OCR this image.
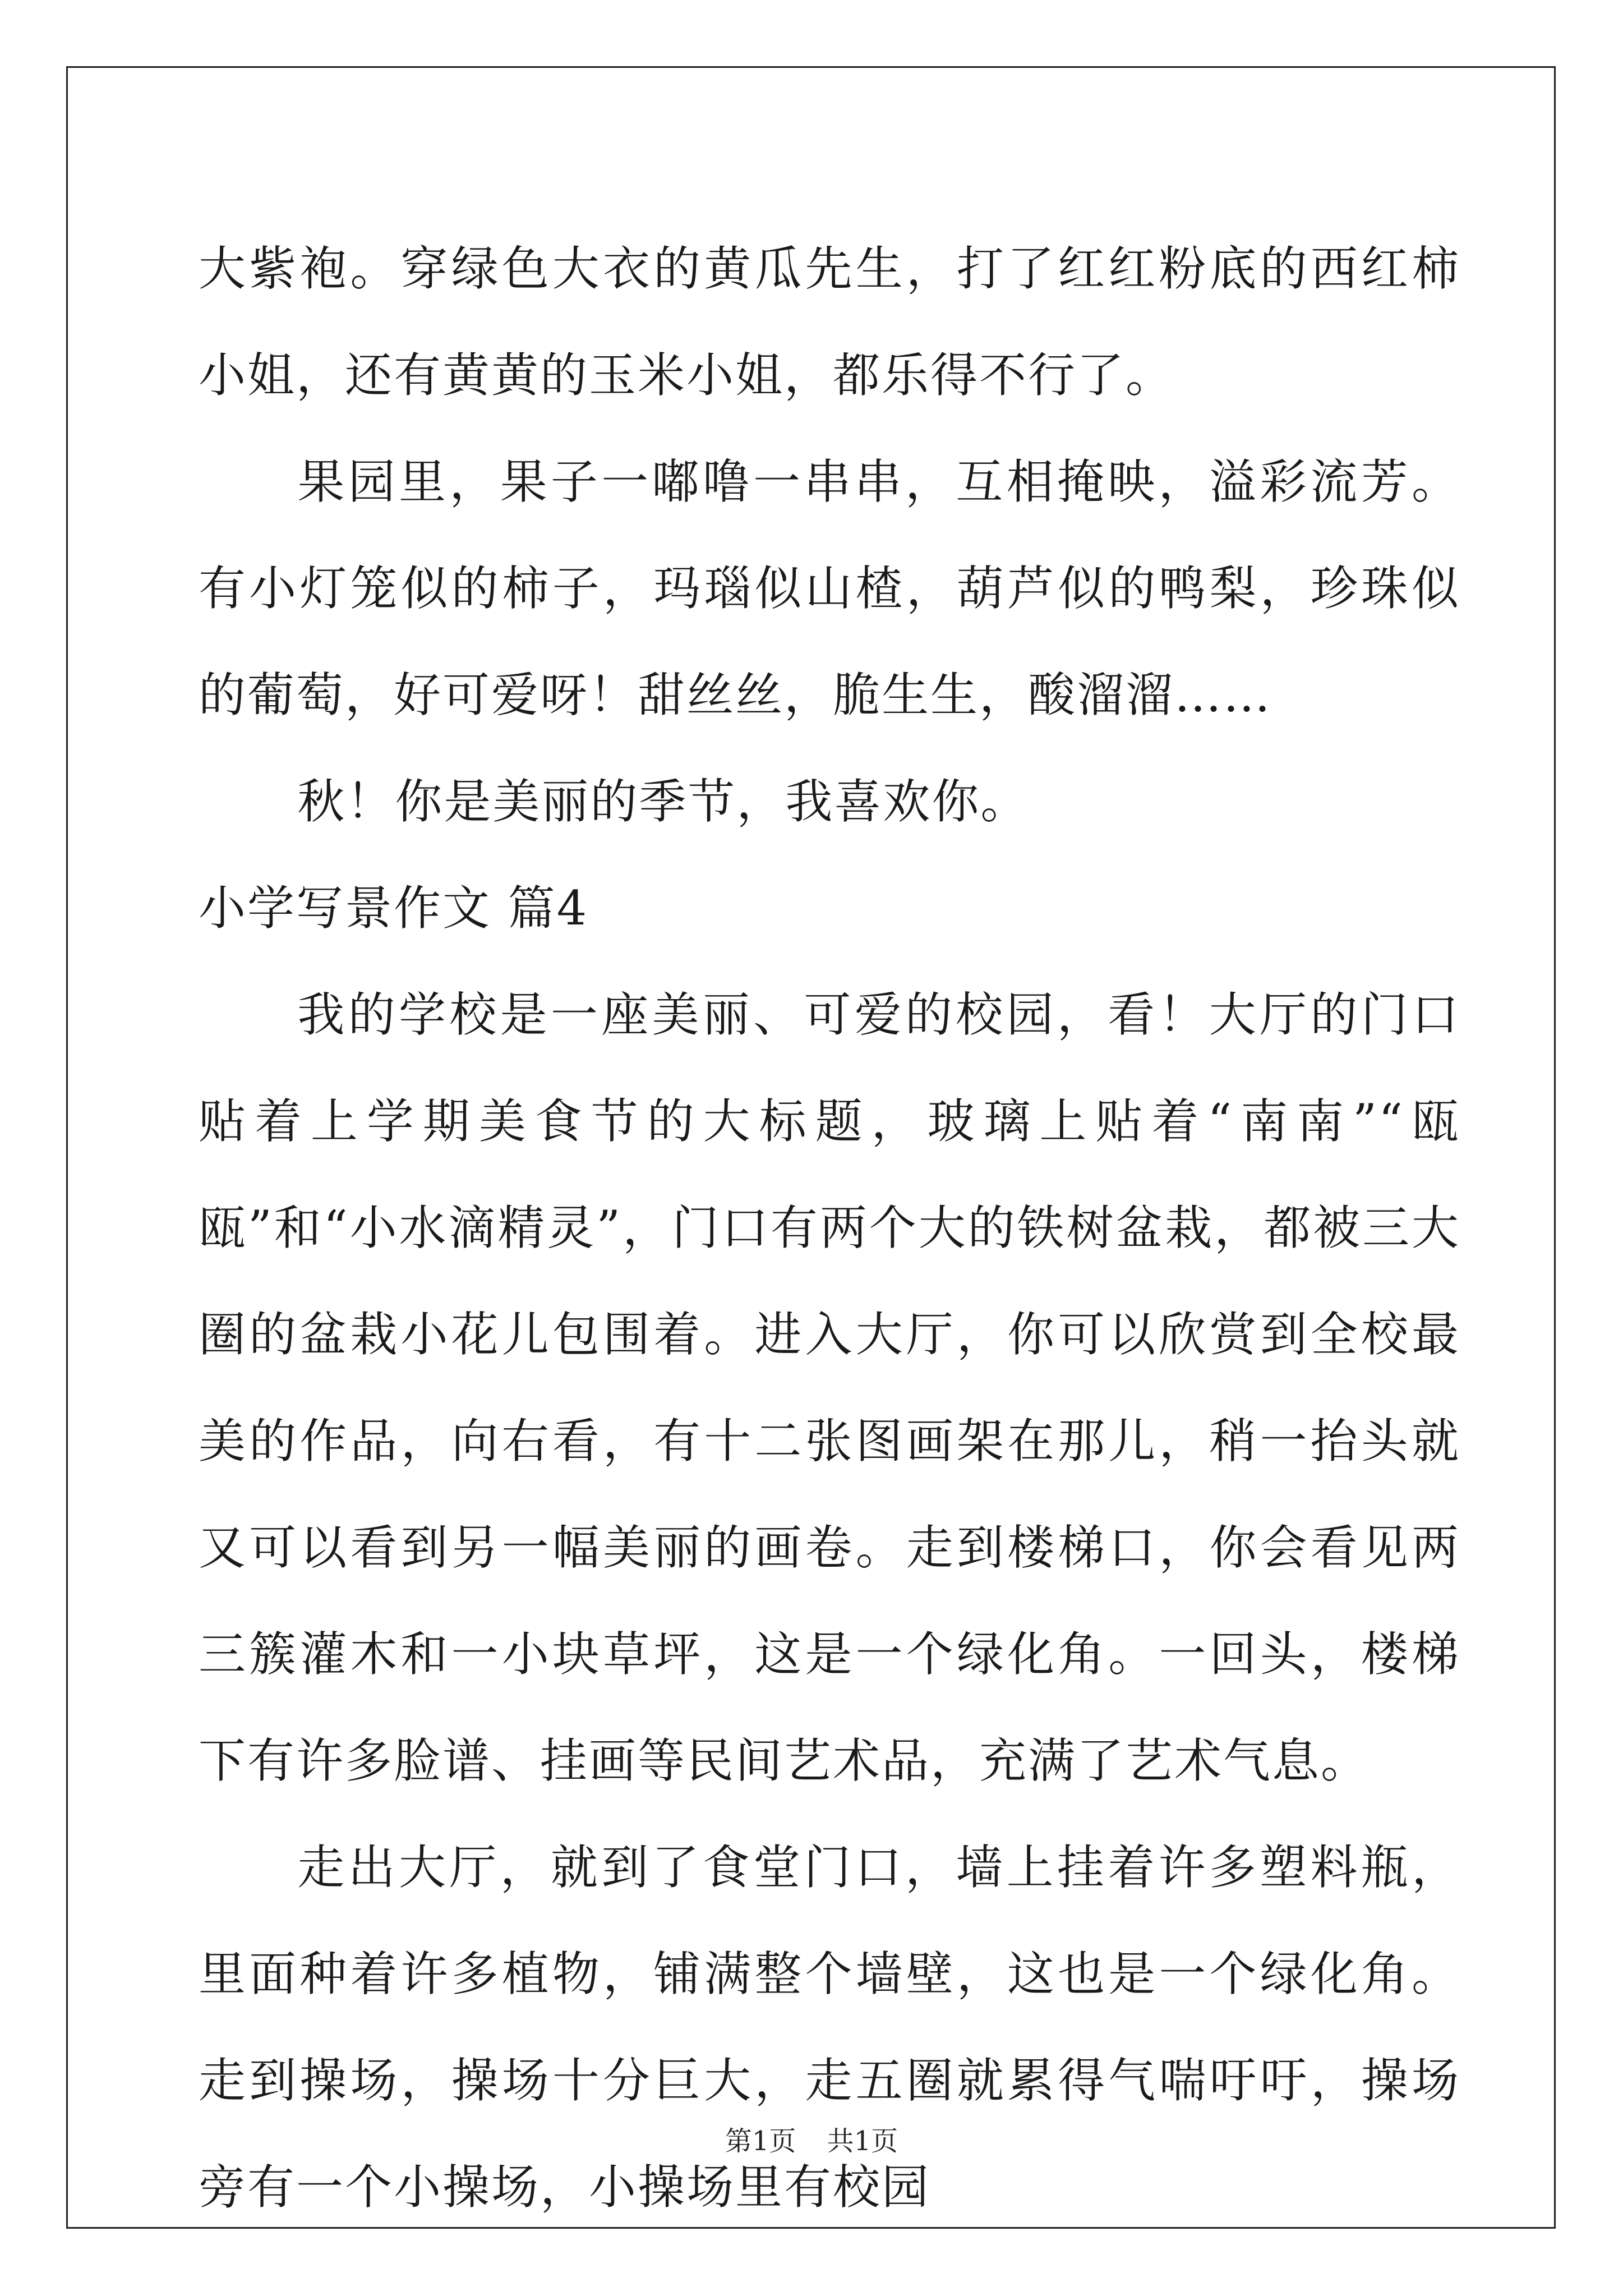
大紫袍。穿绿色大衣的黄瓜先生，打了红红粉底的西红柿小姐，还有黄黄的玉米小姐，都乐得不行了。

果园里，果子一嘟噜一串串，互相掩映，溢彩流芳。有小灯笼似的柿子，玛瑙似山楂，葫芦似的鸭梨，珍珠似的葡萄，好可爱呀！甜丝丝，脆生生，酸溜溜……

秋！你是美丽的季节，我喜欢你。

小学写景作文 篇4

我的学校是一座美丽、可爱的校园，看！大厅的门口贴着上学期美食节的大标题，玻璃上贴着“南南”“瓯瓯”和“小水滴精灵”，门口有两个大的铁树盆栽，都被三大圈的盆栽小花儿包围着。进入大厅，你可以欣赏到全校最美的作品，向右看，有十二张图画架在那儿，稍一抬头就又可以看到另一幅美丽的画卷。走到楼梯口，你会看见两三簇灌木和一小块草坪，这是一个绿化角。一回头，楼梯下有许多脸谱、挂画等民间艺术品，充满了艺术气息。

走出大厅，就到了食堂门口，墙上挂着许多塑料瓶，里面种着许多植物，铺满整个墙壁，这也是一个绿化角。走到操场，操场十分巨大，走五圈就累得气喘吁吁，操场旁有一个小操场，小操场里有校园

第1页 共1页
